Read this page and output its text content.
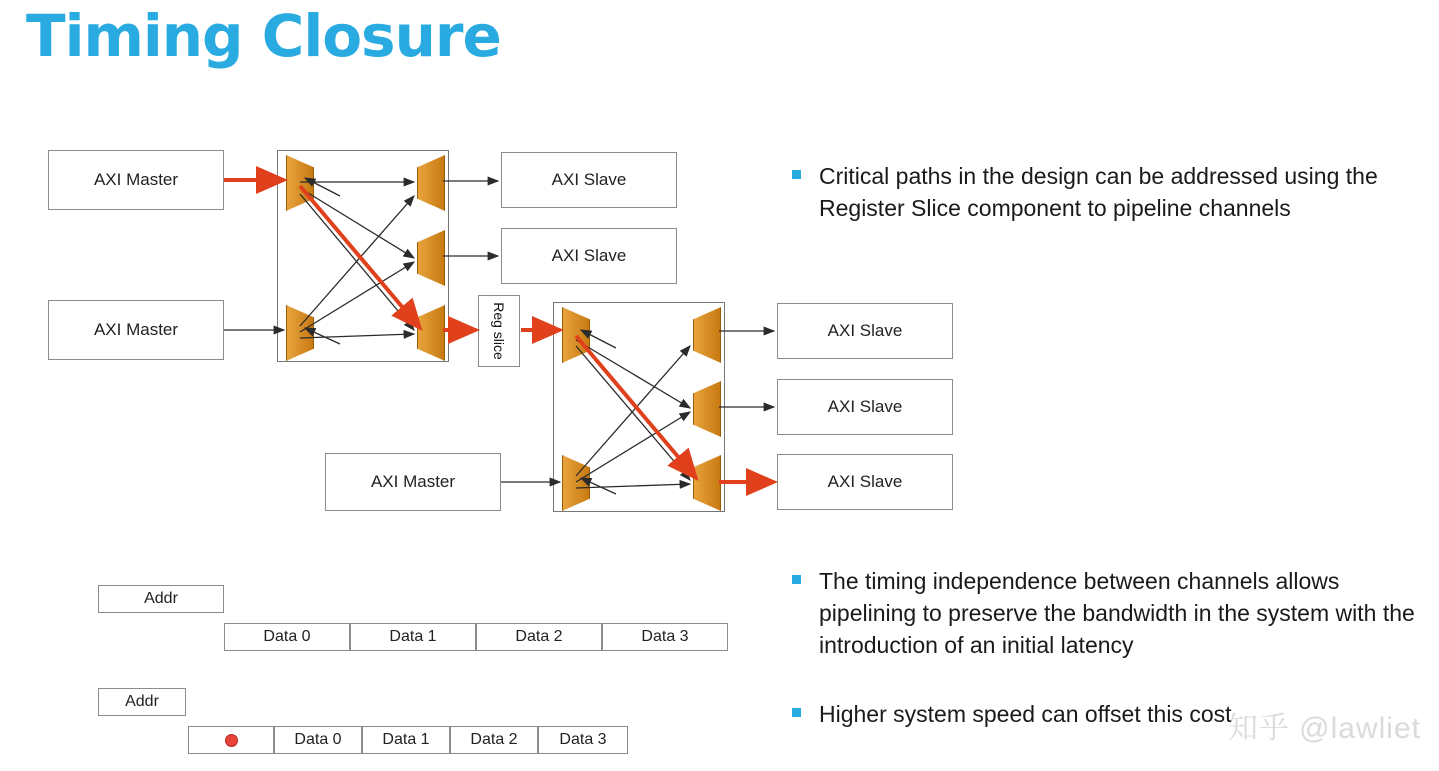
Timing Closure
AXI Master
AXI Master
AXI Slave
AXI Slave
Reg slice
AXI Master
AXI Slave
AXI Slave
AXI Slave
Critical paths in the design can be addressed using the Register Slice component to pipeline channels
The timing independence between channels allows pipelining to preserve the bandwidth in the system with the introduction of an initial latency
Higher system speed can offset this cost
Addr
Data 0	Data 1	Data 2	Data 3
Addr
Data 0	Data 1	Data 2	Data 3	知乎 @lawliet
